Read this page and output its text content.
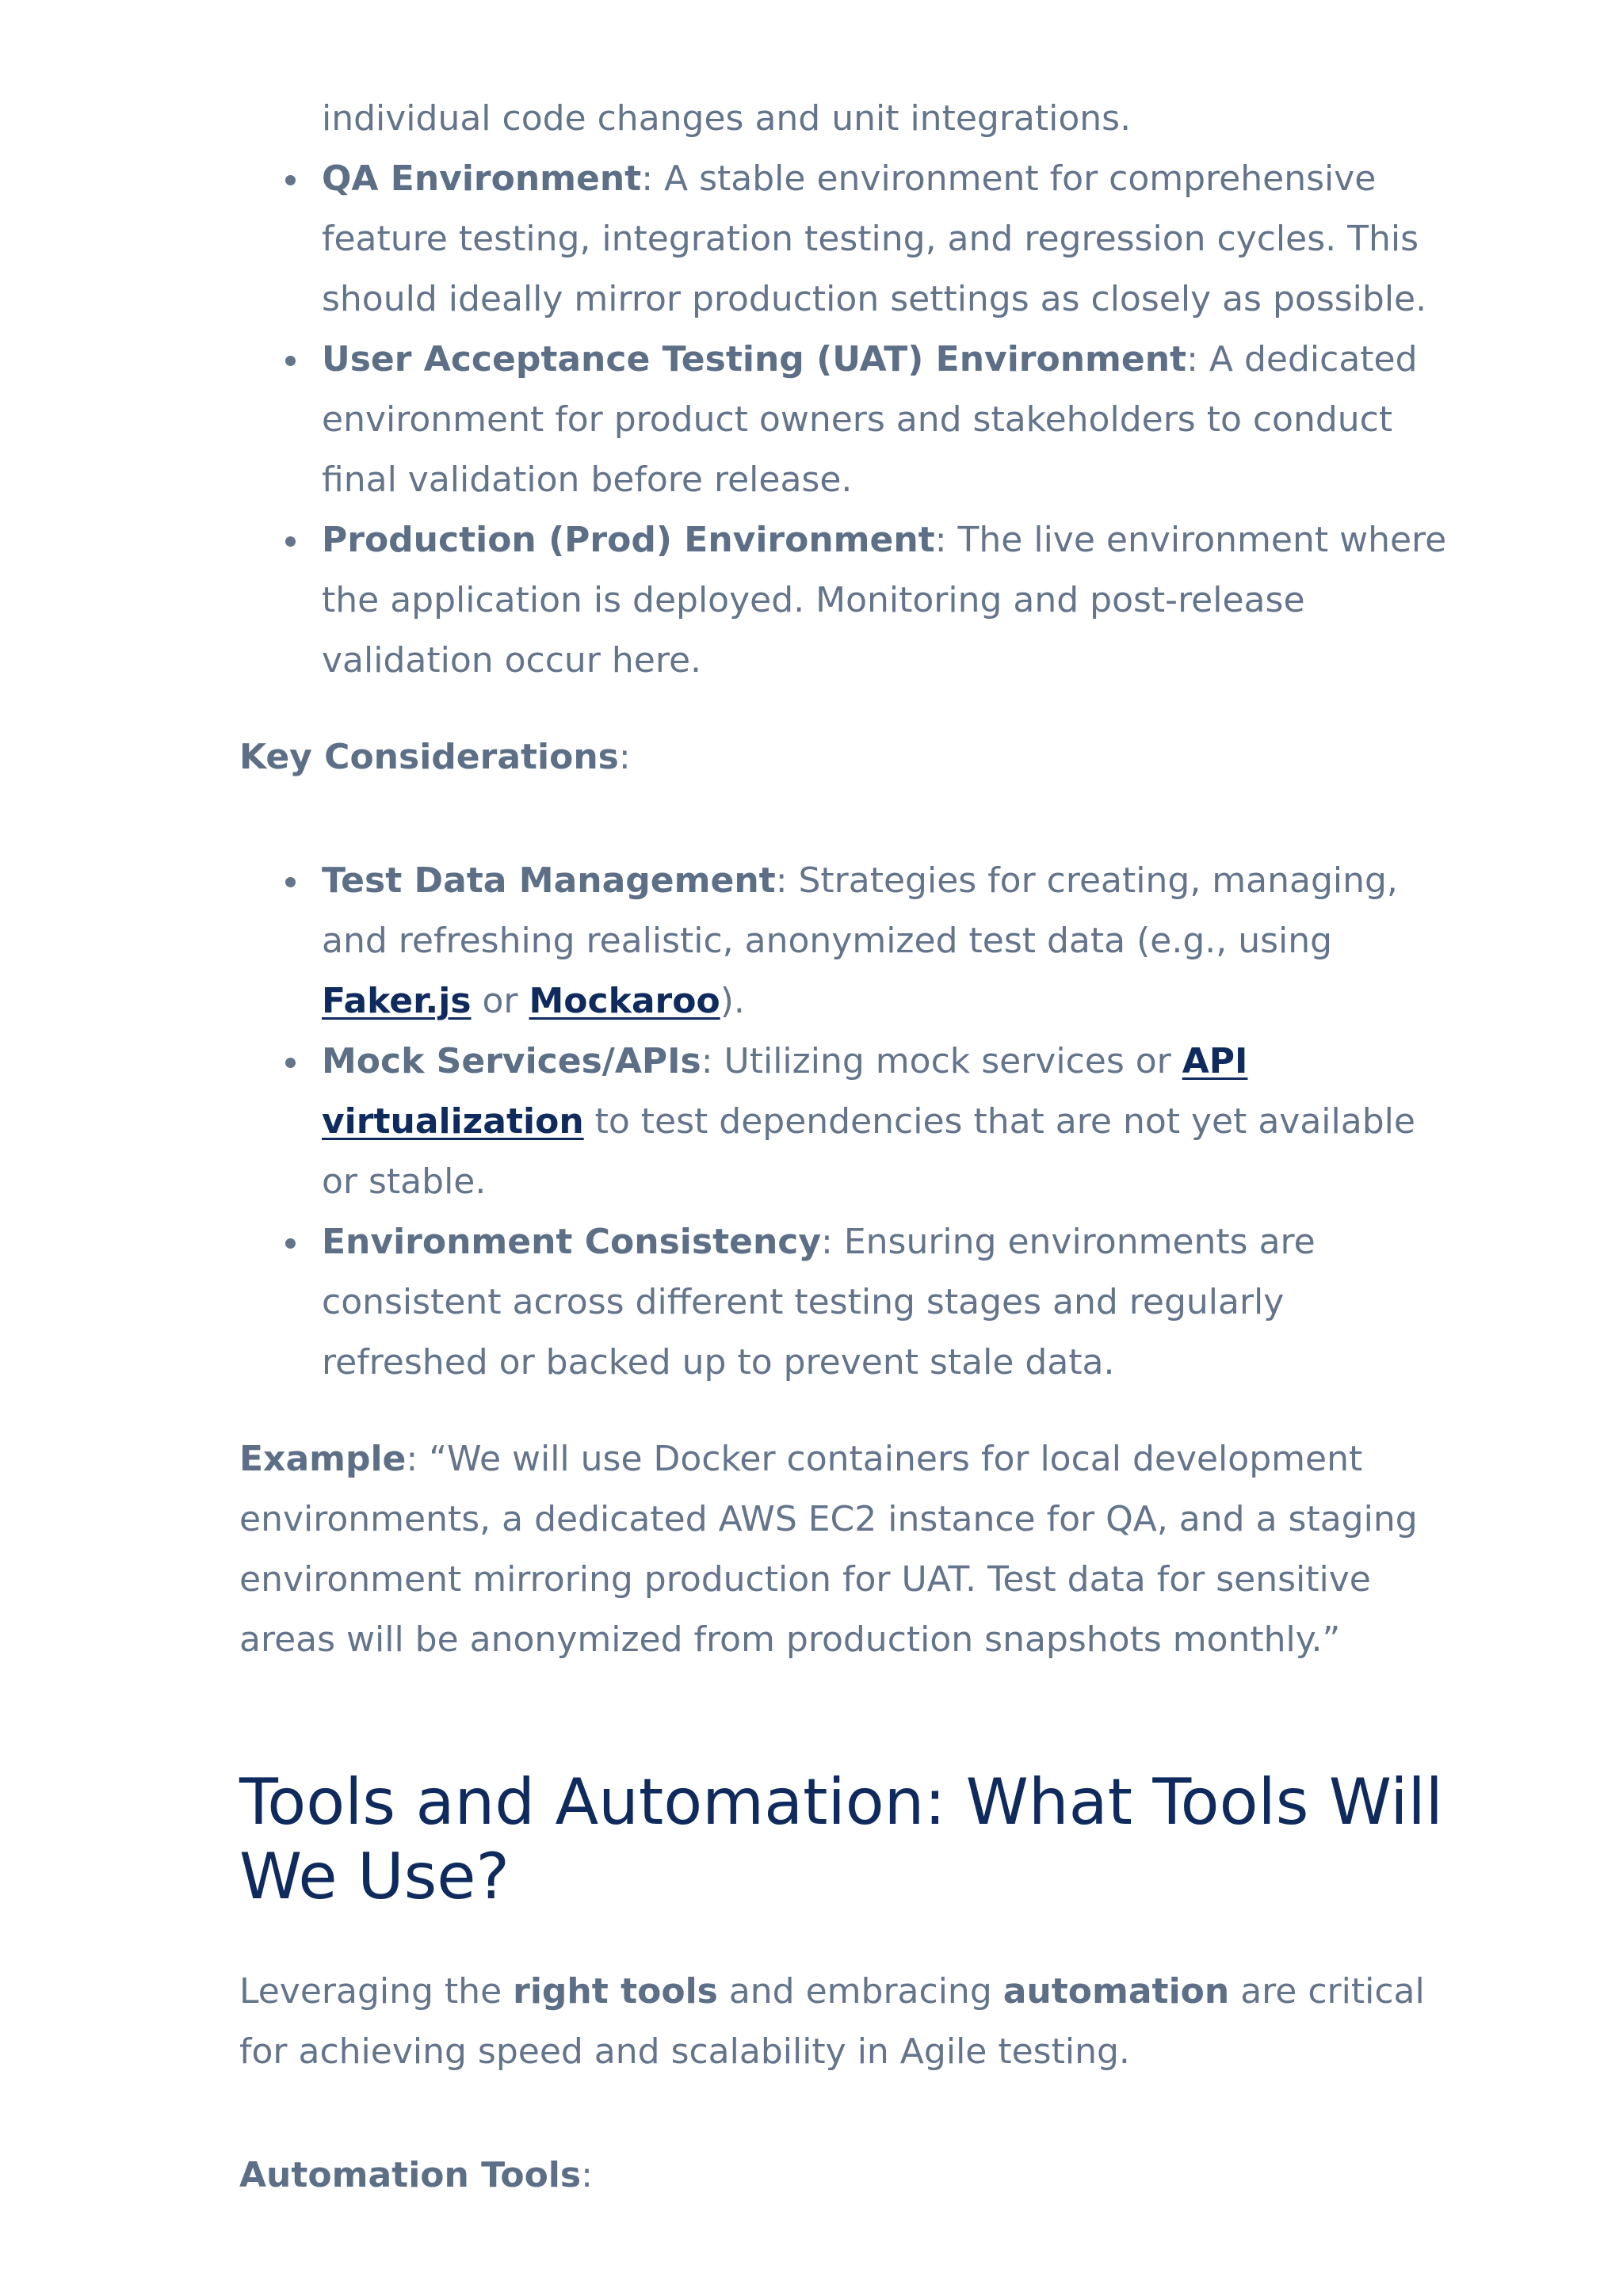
individual code changes and unit integrations.
QA Environment: A stable environment for comprehensive feature testing, integration testing, and regression cycles. This should ideally mirror production settings as closely as possible.
User Acceptance Testing (UAT) Environment: A dedicated environment for product owners and stakeholders to conduct final validation before release.
Production (Prod) Environment: The live environment where the application is deployed. Monitoring and post-release validation occur here.

Key Considerations:

Test Data Management: Strategies for creating, managing, and refreshing realistic, anonymized test data (e.g., using Faker.js or Mockaroo).
Mock Services/APIs: Utilizing mock services or API virtualization to test dependencies that are not yet available or stable.
Environment Consistency: Ensuring environments are consistent across different testing stages and regularly refreshed or backed up to prevent stale data.

Example: “We will use Docker containers for local development environments, a dedicated AWS EC2 instance for QA, and a staging environment mirroring production for UAT. Test data for sensitive areas will be anonymized from production snapshots monthly.”

Tools and Automation: What Tools Will We Use?

Leveraging the right tools and embracing automation are critical for achieving speed and scalability in Agile testing.

Automation Tools:
